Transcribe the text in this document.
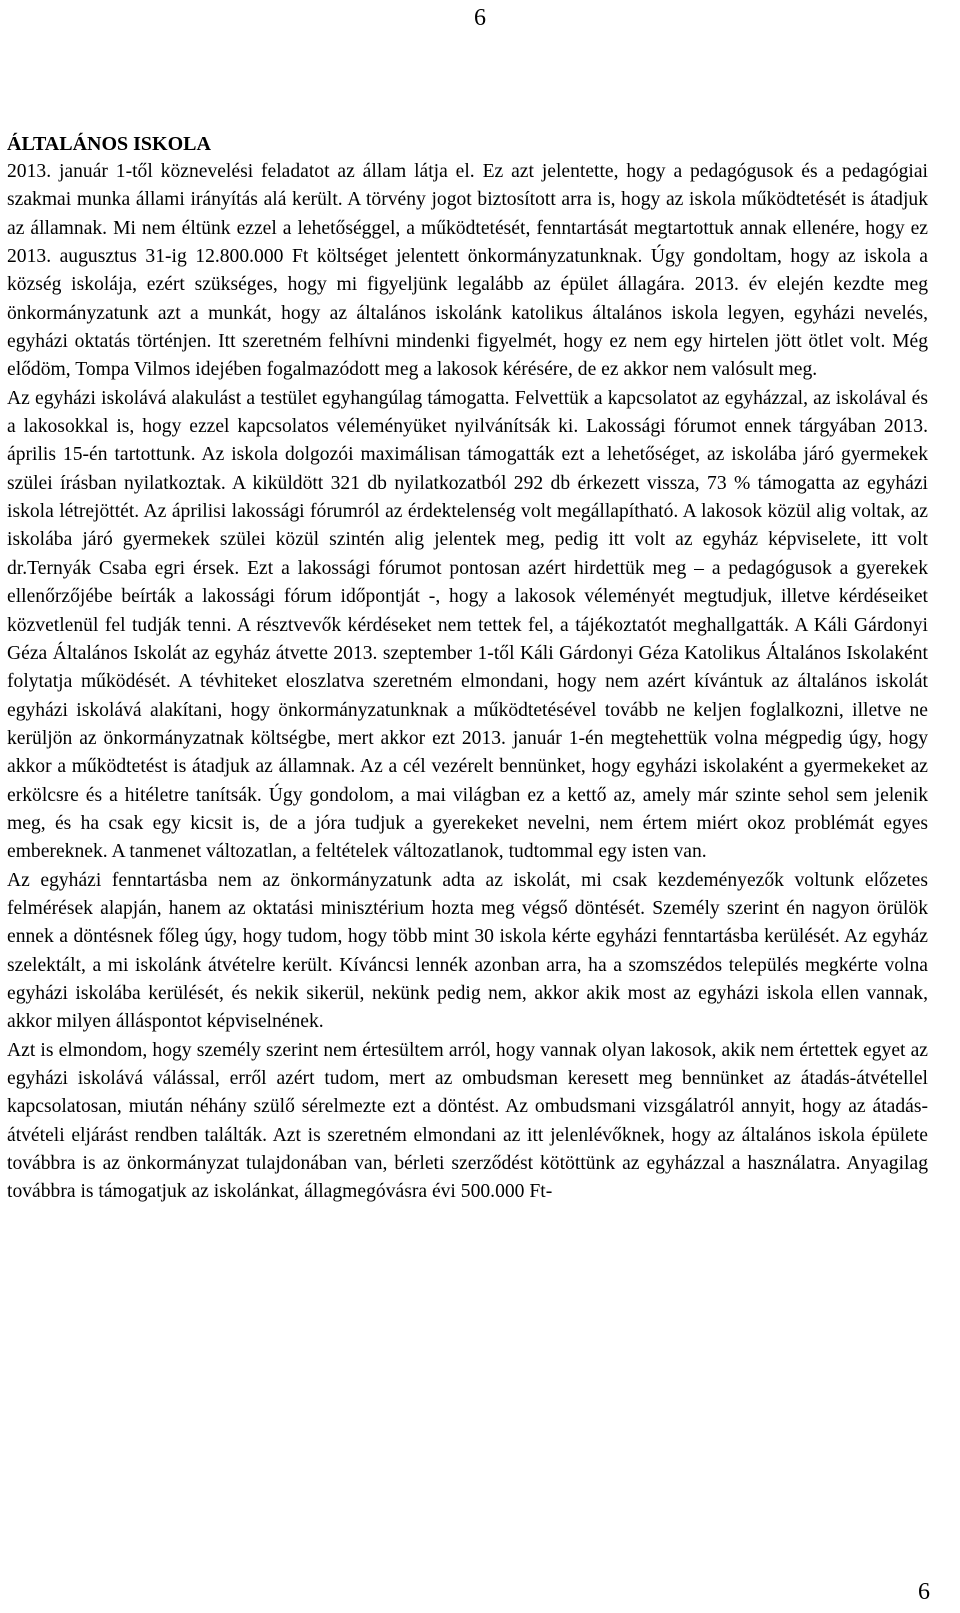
6
ÁLTALÁNOS ISKOLA

2013. január 1-től köznevelési feladatot az állam látja el. Ez azt jelentette, hogy a pedagógusok és a pedagógiai szakmai munka állami irányítás alá került. A törvény jogot biztosított arra is, hogy az iskola működtetését is átadjuk az államnak. Mi nem éltünk ezzel a lehetőséggel, a működtetését, fenntartását megtartottuk annak ellenére, hogy ez 2013. augusztus 31-ig 12.800.000 Ft költséget jelentett önkormányzatunknak. Úgy gondoltam, hogy az iskola a község iskolája, ezért szükséges, hogy mi figyeljünk legalább az épület állagára. 2013. év elején kezdte meg önkormányzatunk azt a munkát, hogy az általános iskolánk katolikus általános iskola legyen, egyházi nevelés, egyházi oktatás történjen. Itt szeretném felhívni mindenki figyelmét, hogy ez nem egy hirtelen jött ötlet volt. Még elődöm, Tompa Vilmos idejében fogalmazódott meg a lakosok kérésére, de ez akkor nem valósult meg.

Az egyházi iskolává alakulást a testület egyhangúlag támogatta. Felvettük a kapcsolatot az egyházzal, az iskolával és a lakosokkal is, hogy ezzel kapcsolatos véleményüket nyilvánítsák ki. Lakossági fórumot ennek tárgyában 2013. április 15-én tartottunk. Az iskola dolgozói maximálisan támogatták ezt a lehetőséget, az iskolába járó gyermekek szülei írásban nyilatkoztak. A kiküldött 321 db nyilatkozatból 292 db érkezett vissza, 73 % támogatta az egyházi iskola létrejöttét. Az áprilisi lakossági fórumról az érdektelenség volt megállapítható. A lakosok közül alig voltak, az iskolába járó gyermekek szülei közül szintén alig jelentek meg, pedig itt volt az egyház képviselete, itt volt dr.Ternyák Csaba egri érsek. Ezt a lakossági fórumot pontosan azért hirdettük meg – a pedagógusok a gyerekek ellenőrzőjébe beírták a lakossági fórum időpontját -, hogy a lakosok véleményét megtudjuk, illetve kérdéseiket közvetlenül fel tudják tenni. A résztvevők kérdéseket nem tettek fel, a tájékoztatót meghallgatták. A Káli Gárdonyi Géza Általános Iskolát az egyház átvette 2013. szeptember 1-től Káli Gárdonyi Géza Katolikus Általános Iskolaként folytatja működését. A tévhiteket eloszlatva szeretném elmondani, hogy nem azért kívántuk az általános iskolát egyházi iskolává alakítani, hogy önkormányzatunknak a működtetésével tovább ne keljen foglalkozni, illetve ne kerüljön az önkormányzatnak költségbe, mert akkor ezt 2013. január 1-én megtehettük volna mégpedig úgy, hogy akkor a működtetést is átadjuk az államnak. Az a cél vezérelt bennünket, hogy egyházi iskolaként a gyermekeket az erkölcsre és a hitéletre tanítsák. Úgy gondolom, a mai világban ez a kettő az, amely már szinte sehol sem jelenik meg, és ha csak egy kicsit is, de a jóra tudjuk a gyerekeket nevelni, nem értem miért okoz problémát egyes embereknek. A tanmenet változatlan, a feltételek változatlanok, tudtommal egy isten van.

Az egyházi fenntartásba nem az önkormányzatunk adta az iskolát, mi csak kezdeményezők voltunk előzetes felmérések alapján, hanem az oktatási minisztérium hozta meg végső döntését. Személy szerint én nagyon örülök ennek a döntésnek főleg úgy, hogy tudom, hogy több mint 30 iskola kérte egyházi fenntartásba kerülését. Az egyház szelektált, a mi iskolánk átvételre került. Kíváncsi lennék azonban arra, ha a szomszédos település megkérte volna egyházi iskolába kerülését, és nekik sikerül, nekünk pedig nem, akkor akik most az egyházi iskola ellen vannak, akkor milyen álláspontot képviselnének.

Azt is elmondom, hogy személy szerint nem értesültem arról, hogy vannak olyan lakosok, akik nem értettek egyet az egyházi iskolává válással, erről azért tudom, mert az ombudsman keresett meg bennünket az átadás-átvétellel kapcsolatosan, miután néhány szülő sérelmezte ezt a döntést. Az ombudsmani vizsgálatról annyit, hogy az átadás-átvételi eljárást rendben találták. Azt is szeretném elmondani az itt jelenlévőknek, hogy az általános iskola épülete továbbra is az önkormányzat tulajdonában van, bérleti szerződést kötöttünk az egyházzal a használatra. Anyagilag továbbra is támogatjuk az iskolánkat, állagmegóvásra évi 500.000 Ft-

6
